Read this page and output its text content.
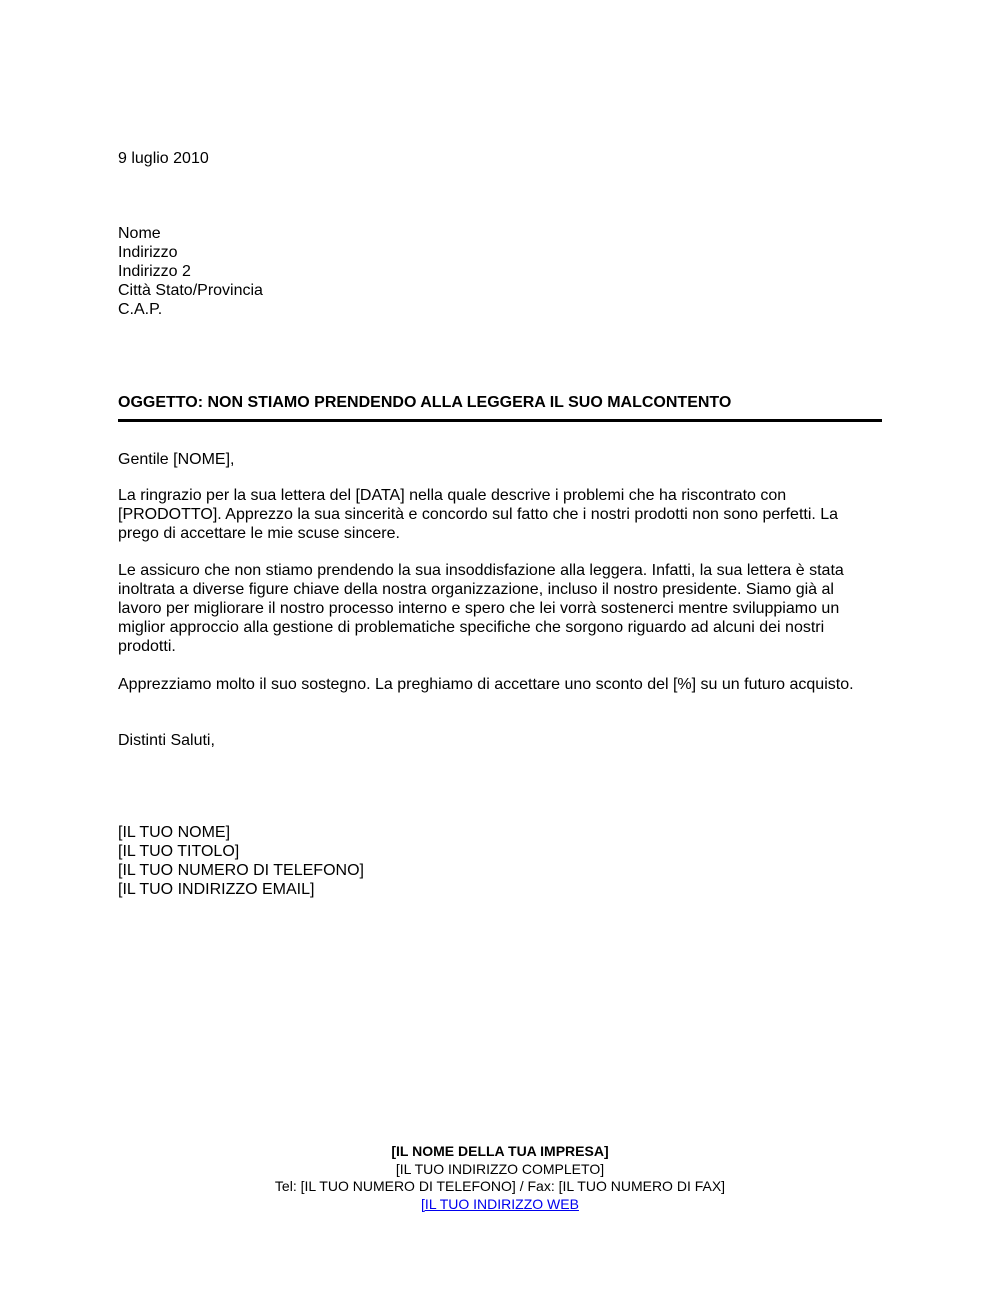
9 luglio 2010
Nome
Indirizzo
Indirizzo 2
Città Stato/Provincia
C.A.P.
OGGETTO: NON STIAMO PRENDENDO ALLA LEGGERA IL SUO MALCONTENTO
Gentile [NOME],
La ringrazio per la sua lettera del [DATA] nella quale descrive i problemi che ha riscontrato con
[PRODOTTO]. Apprezzo la sua sincerità e concordo sul fatto che i nostri prodotti non sono perfetti. La
prego di accettare le mie scuse sincere.
Le assicuro che non stiamo prendendo la sua insoddisfazione alla leggera. Infatti, la sua lettera è stata
inoltrata a diverse figure chiave della nostra organizzazione, incluso il nostro presidente. Siamo già al
lavoro per migliorare il nostro processo interno e spero che lei vorrà sostenerci mentre sviluppiamo un
miglior approccio alla gestione di problematiche specifiche che sorgono riguardo ad alcuni dei nostri
prodotti.
Apprezziamo molto il suo sostegno. La preghiamo di accettare uno sconto del [%] su un futuro acquisto.
Distinti Saluti,
[IL TUO NOME]
[IL TUO TITOLO]
[IL TUO NUMERO DI TELEFONO]
[IL TUO INDIRIZZO EMAIL]
[IL NOME DELLA TUA IMPRESA]
[IL TUO INDIRIZZO COMPLETO]
Tel: [IL TUO NUMERO DI TELEFONO] / Fax: [IL TUO NUMERO DI FAX]
[IL TUO INDIRIZZO WEB
